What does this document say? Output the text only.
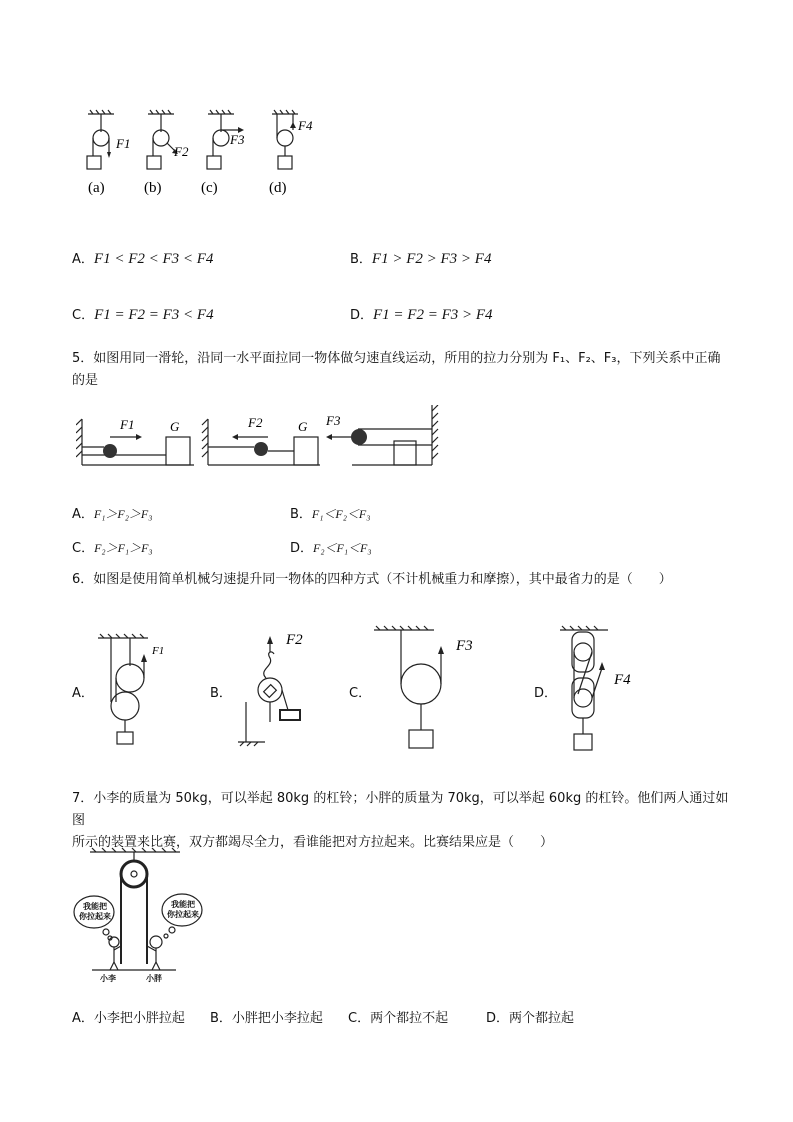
F1
F2
F3
F4
(a)	(b)	(c)	(d)
A．F1 < F2 < F3 < F4	B．F1 > F2 > F3 > F4
C．F1 = F2 = F3 < F4	D．F1 = F2 = F3 > F4
5．如图用同一滑轮，沿同一水平面拉同一物体做匀速直线运动，所用的拉力分别为 F₁、F₂、F₃，下列关系中正确
的是
F1	G	F2	G F3
A．F₁＞F₂＞F₃	B．F₁＜F₂＜F₃
C．F₂＞F₁＞F₃	D．F₂＜F₁＜F₃
6．如图是使用简单机械匀速提升同一物体的四种方式（不计机械重力和摩擦），其中最省力的是（　　）
A．	B．	C．	D．
F1
F2	F3
F4
7．小李的质量为 50kg，可以举起 80kg 的杠铃；小胖的质量为 70kg，可以举起 60kg 的杠铃。他们两人通过如图
所示的装置来比赛，双方都竭尽全力，看谁能把对方拉起来。比赛结果应是（　　）
我能把
你拉起来
我能把
你拉起来
小李	小胖
A．小李把小胖拉起 B．小胖把小李拉起 C．两个都拉不起	D．两个都拉起
